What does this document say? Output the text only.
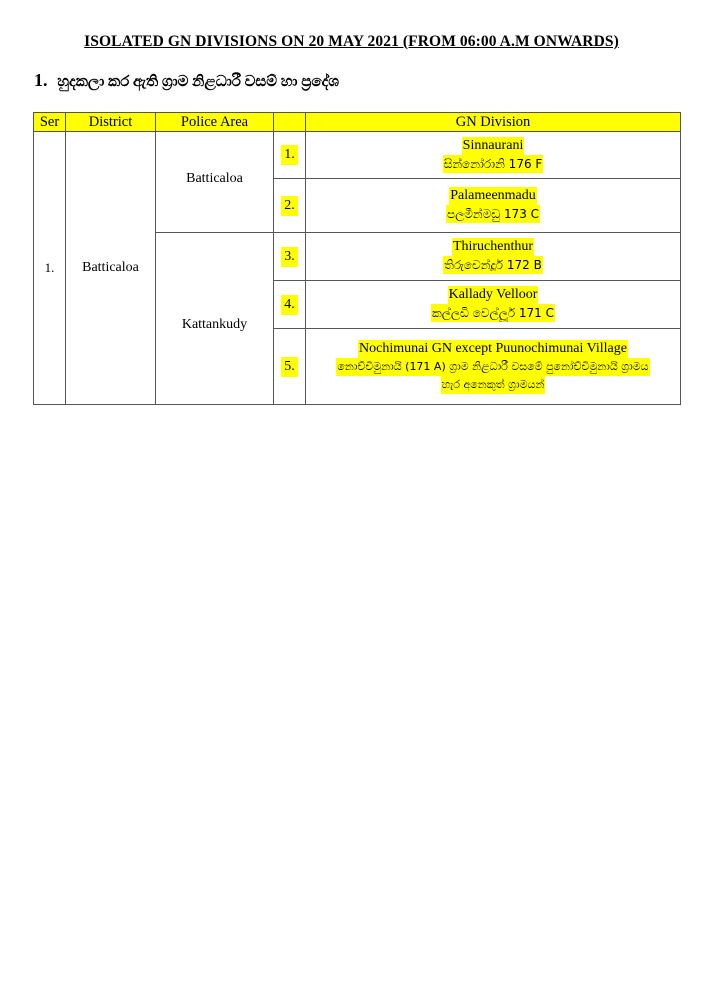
ISOLATED GN DIVISIONS ON 20 MAY 2021 (FROM 06:00 A.M ONWARDS)
1. හුදකලා කර ඇති ග්‍රාම නිළධාරී වසම් හා ප්‍රදේශ
Ser	District	Police Area		GN Division
1.	Batticaloa	Batticaloa	1.	Sinnaurani
සින්නෝරානි 176 F
			2.	Palameenmadu
පලමීන්මඩු 173 C
		Kattankudy	3.	Thiruchenthur
තිරුචෙන්දූර් 172 B
			4.	Kallady Velloor
කල්ලඩි වෙල්ලූර් 171 C
			5.	Nochimunai GN except Puunochimunai Village
නොච්චිමුනායි (171 A) ග්‍රාම නිළධාරී වසමේ පුනෝච්චිමුනායි ග්‍රාමය
හැර අනෙකුත් ග්‍රාමයන්
